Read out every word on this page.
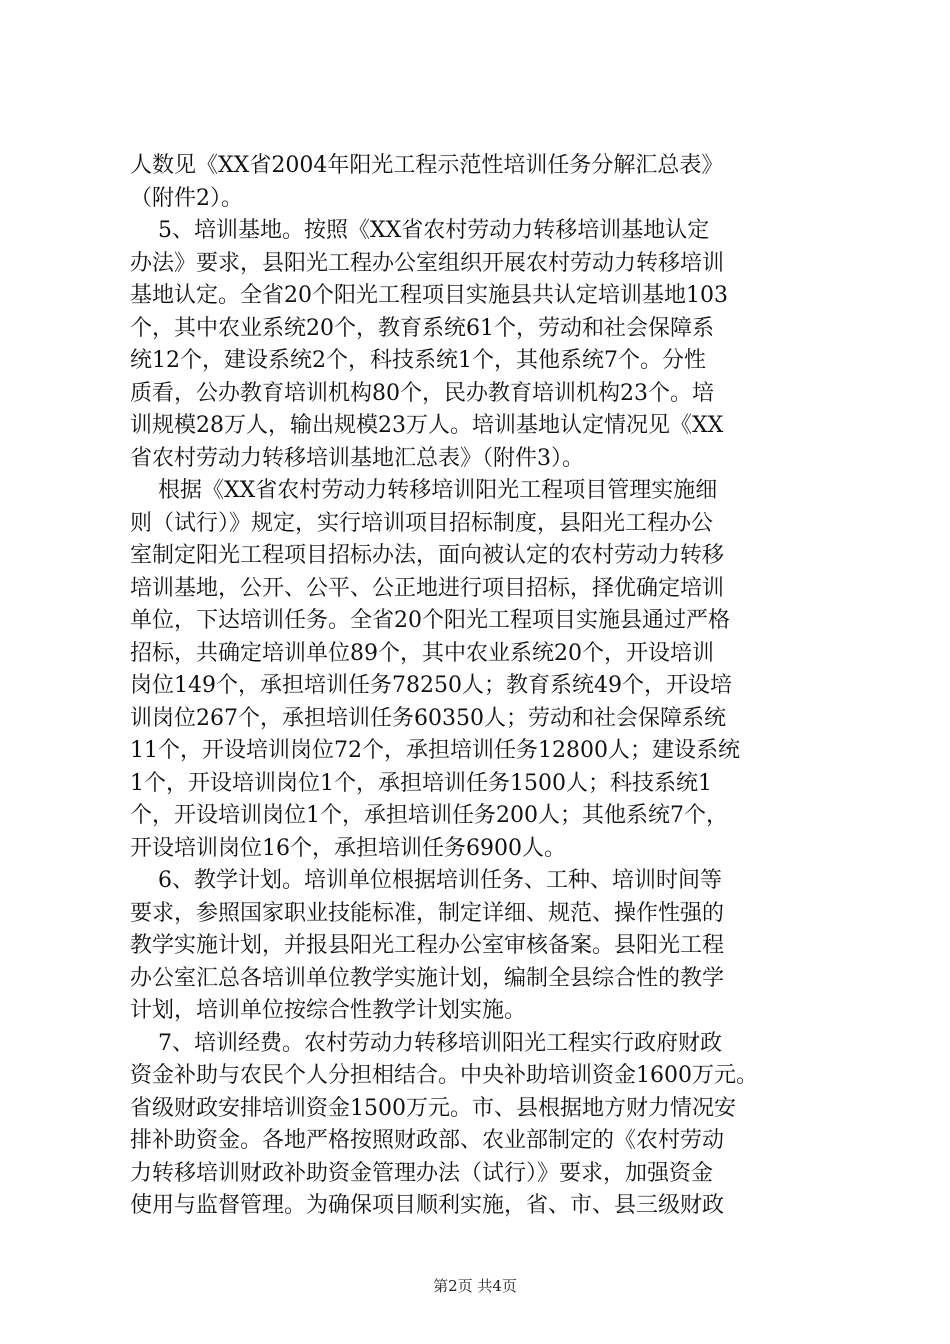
人数见《XX省2004年阳光工程示范性培训任务分解汇总表》
（附件2）。
5、培训基地。按照《XX省农村劳动力转移培训基地认定
办法》要求，县阳光工程办公室组织开展农村劳动力转移培训
基地认定。全省20个阳光工程项目实施县共认定培训基地103
个，其中农业系统20个，教育系统61个，劳动和社会保障系
统12个，建设系统2个，科技系统1个，其他系统7个。分性
质看，公办教育培训机构80个，民办教育培训机构23个。培
训规模28万人，输出规模23万人。培训基地认定情况见《XX
省农村劳动力转移培训基地汇总表》（附件3）。
根据《XX省农村劳动力转移培训阳光工程项目管理实施细
则（试行）》规定，实行培训项目招标制度，县阳光工程办公
室制定阳光工程项目招标办法，面向被认定的农村劳动力转移
培训基地，公开、公平、公正地进行项目招标，择优确定培训
单位，下达培训任务。全省20个阳光工程项目实施县通过严格
招标，共确定培训单位89个，其中农业系统20个，开设培训
岗位149个，承担培训任务78250人；教育系统49个，开设培
训岗位267个，承担培训任务60350人；劳动和社会保障系统
11个，开设培训岗位72个，承担培训任务12800人；建设系统
1个，开设培训岗位1个，承担培训任务1500人；科技系统1
个，开设培训岗位1个，承担培训任务200人；其他系统7个，
开设培训岗位16个，承担培训任务6900人。
6、教学计划。培训单位根据培训任务、工种、培训时间等
要求，参照国家职业技能标准，制定详细、规范、操作性强的
教学实施计划，并报县阳光工程办公室审核备案。县阳光工程
办公室汇总各培训单位教学实施计划，编制全县综合性的教学
计划，培训单位按综合性教学计划实施。
7、培训经费。农村劳动力转移培训阳光工程实行政府财政
资金补助与农民个人分担相结合。中央补助培训资金1600万元。
省级财政安排培训资金1500万元。市、县根据地方财力情况安
排补助资金。各地严格按照财政部、农业部制定的《农村劳动
力转移培训财政补助资金管理办法（试行）》要求，加强资金
使用与监督管理。为确保项目顺利实施，省、市、县三级财政
第2页 共4页
